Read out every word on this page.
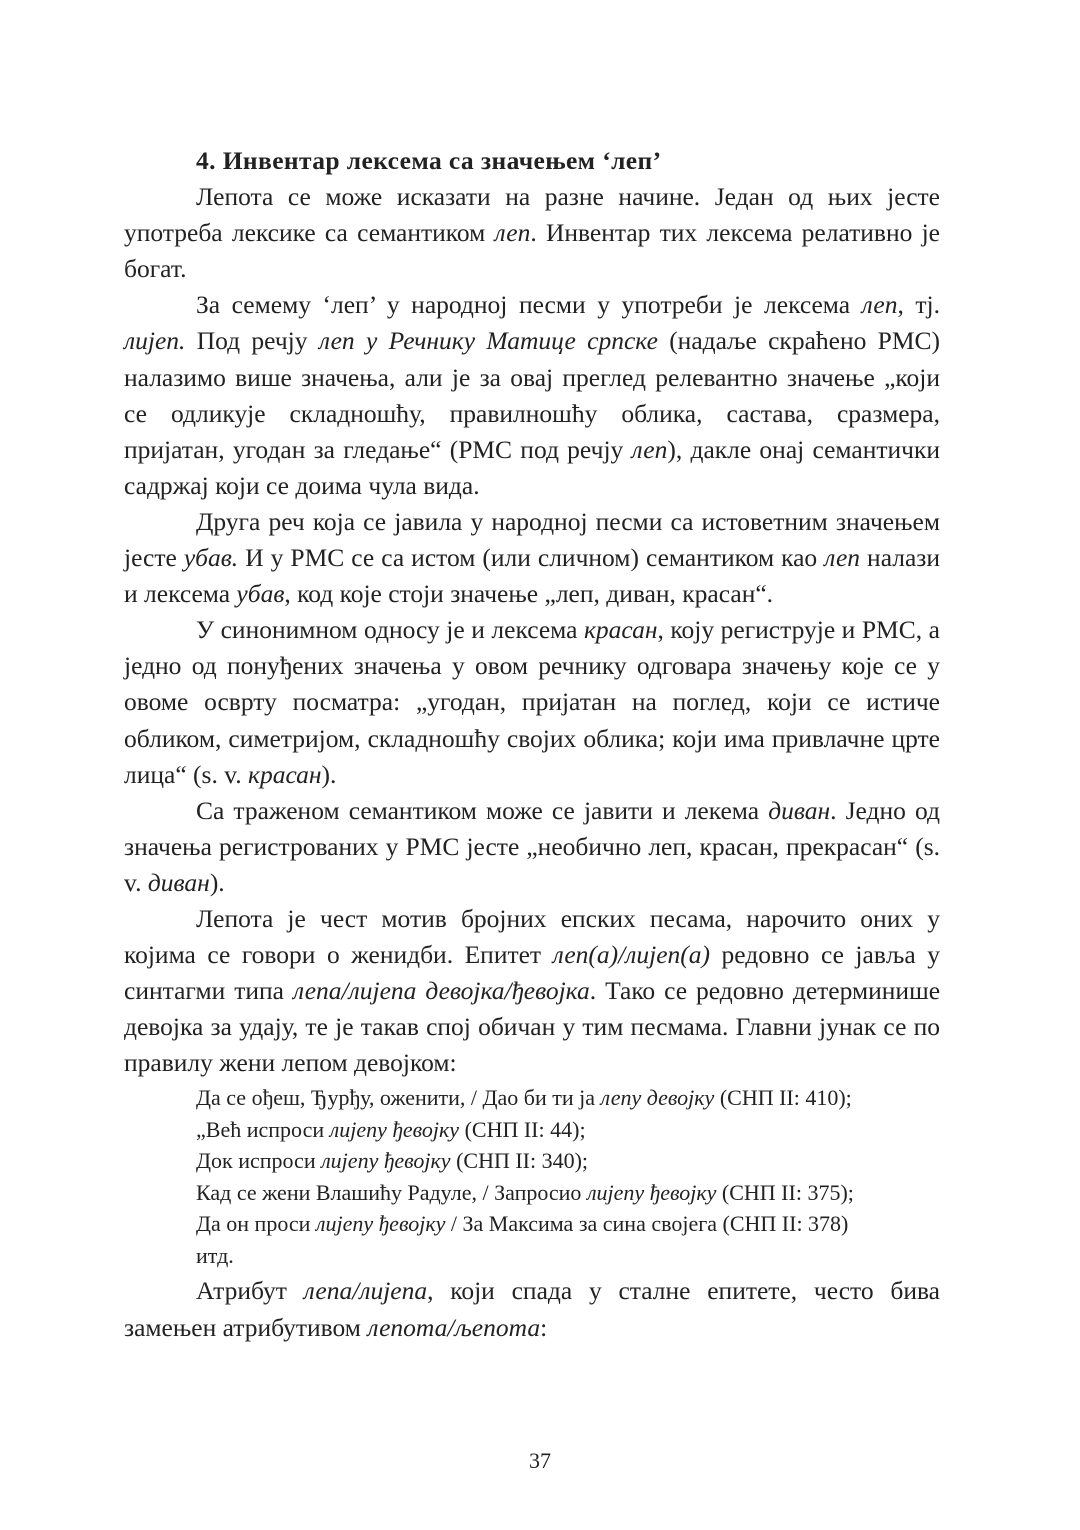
4. Инвентар лексема са значењем ‘леп’

Лепота се може исказати на разне начине. Један од њих јесте употреба лексике са семантиком леп. Инвентар тих лексема релативно је богат.

За семему ‘леп’ у народној песми у употреби је лексема леп, тј. лијеп. Под речју леп у Речнику Матице српске (надаље скраћено РМС) налазимо више значења, али је за овај преглед релевантно значење „који се одликује складношћу, правилношћу облика, састава, сразмера, пријатан, угодан за гледање“ (РМС под речју леп), дакле онај семантички садржај који се доима чула вида.

Друга реч која се јавила у народној песми са истоветним значењем јесте убав. И у РМС се са истом (или сличном) семантиком као леп налази и лексема убав, код које стоји значење „леп, диван, красан“.

У синонимном односу је и лексема красан, коју региструје и РМС, а једно од понуђених значења у овом речнику одговара значењу које се у овоме осврту посматра: „угодан, пријатан на поглед, који се истиче обликом, симетријом, складношћу својих облика; који има привлачне црте лица“ (s. v. красан).

Са траженом семантиком може се јавити и лекема диван. Једно од значења регистрованих у РМС јесте „необично леп, красан, прекрасан“ (s. v. диван).

Лепота је чест мотив бројних епских песама, нарочито оних у којима се говори о женидби. Епитет леп(а)/лијеп(а) редовно се јавља у синтагми типа лепа/лијепа девојка/ђевојка. Тако се редовно детерминише девојка за удају, те је такав спој обичан у тим песмама. Главни јунак се по правилу жени лепом девојком:

Да се ођеш, Ђурђу, оженити, / Дао би ти ја лепу девојку (СНП II: 410);
„Већ испроси лијепу ђевојку (СНП II: 44);
Док испроси лијепу ђевојку (СНП II: 340);
Кад се жени Влашићу Радуле, / Запросио лијепу ђевојку (СНП II: 375);
Да он проси лијепу ђевојку / За Максима за сина својега (СНП II: 378)
итд.

Атрибут лепа/лијепа, који спада у сталне епитете, често бива замењен атрибутивом лепота/љепота:

37
